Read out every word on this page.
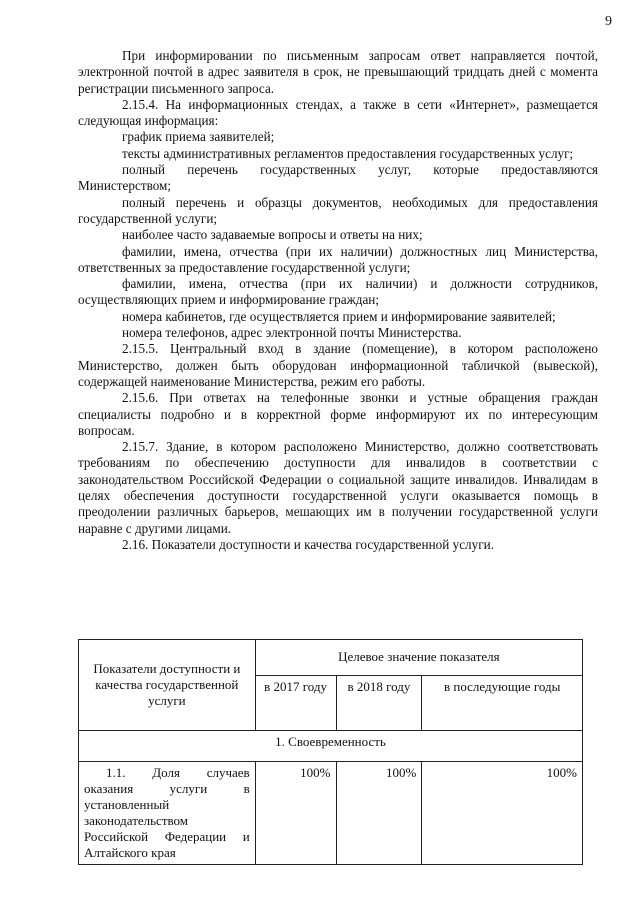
9

При информировании по письменным запросам ответ направляется почтой, электронной почтой в адрес заявителя в срок, не превышающий тридцать дней с момента регистрации письменного запроса.

2.15.4. На информационных стендах, а также в сети «Интернет», размещается следующая информация:

график приема заявителей;

тексты административных регламентов предоставления государственных услуг;

полный перечень государственных услуг, которые предоставляются Министерством;

полный перечень и образцы документов, необходимых для предоставления государственной услуги;

наиболее часто задаваемые вопросы и ответы на них;

фамилии, имена, отчества (при их наличии) должностных лиц Министерства, ответственных за предоставление государственной услуги;

фамилии, имена, отчества (при их наличии) и должности сотрудников, осуществляющих прием и информирование граждан;

номера кабинетов, где осуществляется прием и информирование заявителей;

номера телефонов, адрес электронной почты Министерства.

2.15.5. Центральный вход в здание (помещение), в котором расположено Министерство, должен быть оборудован информационной табличкой (вывеской), содержащей наименование Министерства, режим его работы.

2.15.6. При ответах на телефонные звонки и устные обращения граждан специалисты подробно и в корректной форме информируют их по интересующим вопросам.

2.15.7. Здание, в котором расположено Министерство, должно соответствовать требованиям по обеспечению доступности для инвалидов в соответствии с законодательством Российской Федерации о социальной защите инвалидов. Инвалидам в целях обеспечения доступности государственной услуги оказывается помощь в преодолении различных барьеров, мешающих им в получении государственной услуги наравне с другими лицами.

2.16. Показатели доступности и качества государственной услуги.

Показатели доступности и качества государственной услуги	Целевое значение показателя		
	в 2017 году	в 2018 году	в последующие годы
1. Своевременность			
1.1. Доля случаев оказания услуги в установленный законодательством Российской Федерации и Алтайского края	100%	100%	100%
